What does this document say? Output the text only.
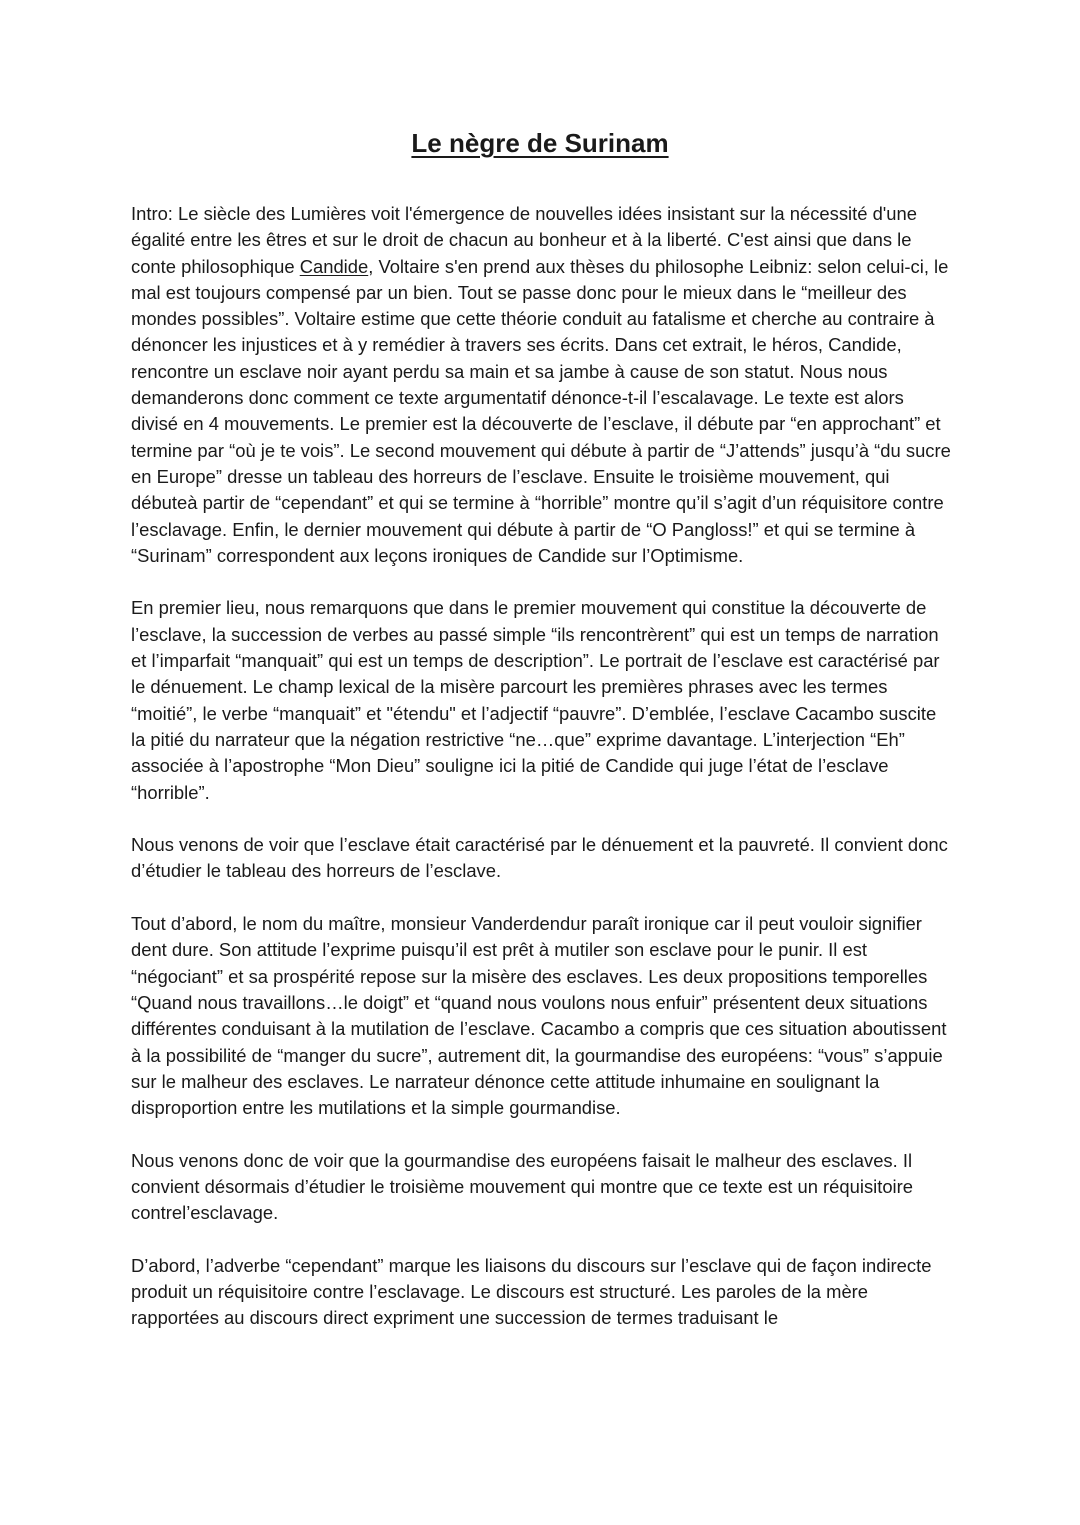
Le nègre de Surinam

Intro: Le siècle des Lumières voit l'émergence de nouvelles idées insistant sur la nécessité d'une égalité entre les êtres et sur le droit de chacun au bonheur et à la liberté. C'est ainsi que dans le conte philosophique Candide, Voltaire s'en prend aux thèses du philosophe Leibniz: selon celui-ci, le mal est toujours compensé par un bien. Tout se passe donc pour le mieux dans le “meilleur des mondes possibles”. Voltaire estime que cette théorie conduit au fatalisme et cherche au contraire à dénoncer les injustices et à y remédier à travers ses écrits. Dans cet extrait, le héros, Candide, rencontre un esclave noir ayant perdu sa main et sa jambe à cause de son statut. Nous nous demanderons donc comment ce texte argumentatif dénonce-t-il l’escalavage. Le texte est alors divisé en 4 mouvements. Le premier est la découverte de l’esclave, il débute par “en approchant” et termine par “où je te vois”. Le second mouvement qui débute à partir de “J’attends” jusqu’à “du sucre en Europe” dresse un tableau des horreurs de l’esclave. Ensuite le troisième mouvement, qui débuteà partir de “cependant” et qui se termine à “horrible” montre qu’il s’agit d’un réquisitore contre l’esclavage. Enfin, le dernier mouvement qui débute à partir de “O Pangloss!” et qui se termine à “Surinam” correspondent aux leçons ironiques de Candide sur l’Optimisme.

En premier lieu, nous remarquons que dans le premier mouvement qui constitue la découverte de l’esclave, la succession de verbes au passé simple “ils rencontrèrent” qui est un temps de narration et l’imparfait “manquait” qui est un temps de description”. Le portrait de l’esclave est caractérisé par le dénuement. Le champ lexical de la misère parcourt les premières phrases avec les termes “moitié”, le verbe “manquait” et "étendu" et l’adjectif “pauvre”. D’emblée, l’esclave Cacambo suscite la pitié du narrateur que la négation restrictive “ne…que” exprime davantage. L’interjection “Eh” associée à l’apostrophe “Mon Dieu” souligne ici la pitié de Candide qui juge l’état de l’esclave “horrible”.

Nous venons de voir que l’esclave était caractérisé par le dénuement et la pauvreté. Il convient donc d’étudier le tableau des horreurs de l’esclave.

Tout d’abord, le nom du maître, monsieur Vanderdendur paraît ironique car il peut vouloir signifier dent dure. Son attitude l’exprime puisqu’il est prêt à mutiler son esclave pour le punir. Il est “négociant” et sa prospérité repose sur la misère des esclaves. Les deux propositions temporelles “Quand nous travaillons…le doigt” et “quand nous voulons nous enfuir” présentent deux situations différentes conduisant à la mutilation de l’esclave. Cacambo a compris que ces situation aboutissent à la possibilité de “manger du sucre”, autrement dit, la gourmandise des européens: “vous” s’appuie sur le malheur des esclaves. Le narrateur dénonce cette attitude inhumaine en soulignant la disproportion entre les mutilations et la simple gourmandise.

Nous venons donc de voir que la gourmandise des européens faisait le malheur des esclaves. Il convient désormais d’étudier le troisième mouvement qui montre que ce texte est un réquisitoire contrel’esclavage.

D’abord, l’adverbe “cependant” marque les liaisons du discours sur l’esclave qui de façon indirecte produit un réquisitoire contre l’esclavage. Le discours est structuré. Les paroles de la mère rapportées au discours direct expriment une succession de termes traduisant le
